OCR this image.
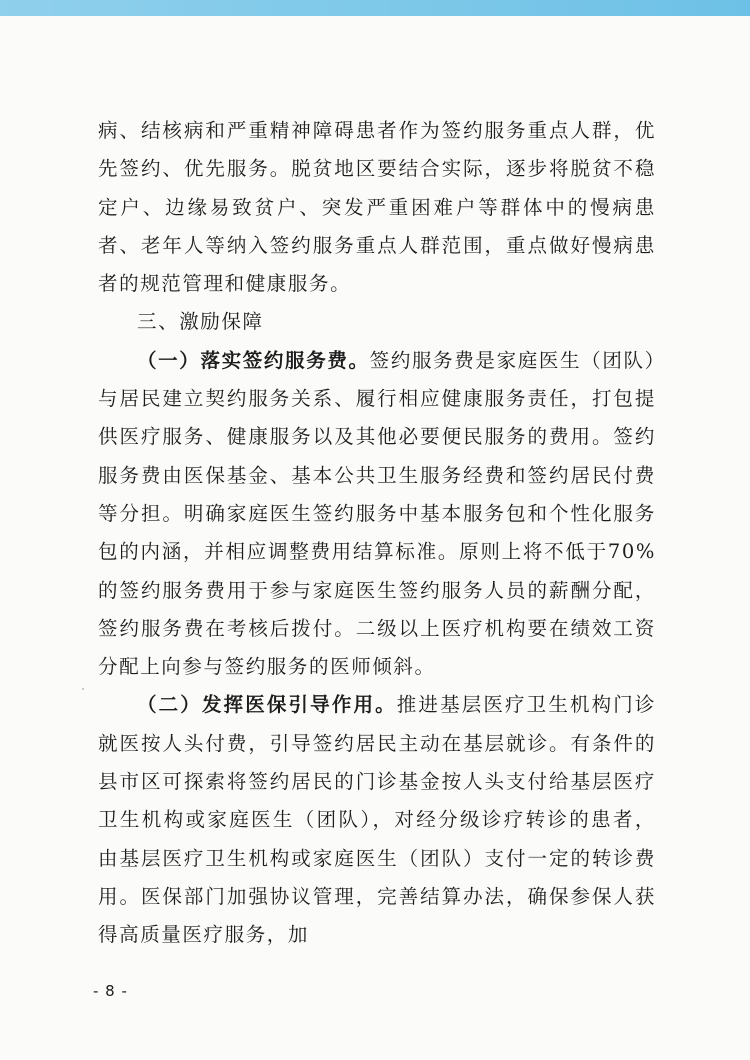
病、结核病和严重精神障碍患者作为签约服务重点人群，优先签约、优先服务。脱贫地区要结合实际，逐步将脱贫不稳定户、边缘易致贫户、突发严重困难户等群体中的慢病患者、老年人等纳入签约服务重点人群范围，重点做好慢病患者的规范管理和健康服务。

三、激励保障

（一）落实签约服务费。签约服务费是家庭医生（团队）与居民建立契约服务关系、履行相应健康服务责任，打包提供医疗服务、健康服务以及其他必要便民服务的费用。签约服务费由医保基金、基本公共卫生服务经费和签约居民付费等分担。明确家庭医生签约服务中基本服务包和个性化服务包的内涵，并相应调整费用结算标准。原则上将不低于70%的签约服务费用于参与家庭医生签约服务人员的薪酬分配，签约服务费在考核后拨付。二级以上医疗机构要在绩效工资分配上向参与签约服务的医师倾斜。

（二）发挥医保引导作用。推进基层医疗卫生机构门诊就医按人头付费，引导签约居民主动在基层就诊。有条件的县市区可探索将签约居民的门诊基金按人头支付给基层医疗卫生机构或家庭医生（团队），对经分级诊疗转诊的患者，由基层医疗卫生机构或家庭医生（团队）支付一定的转诊费用。医保部门加强协议管理，完善结算办法，确保参保人获得高质量医疗服务，加

- 8 -
